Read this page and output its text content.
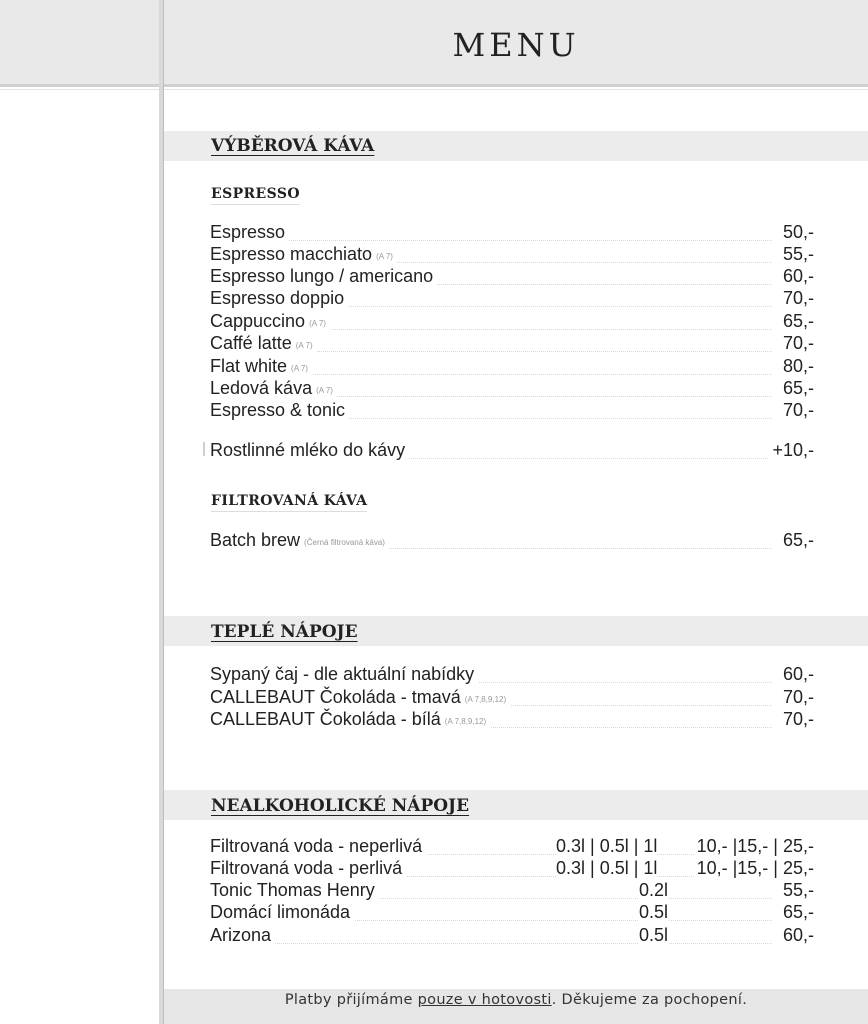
MENU
VÝBĚROVÁ KÁVA
ESPRESSO
Espresso	50,-
Espresso macchiato (A 7)	55,-
Espresso lungo / americano	60,-
Espresso doppio	70,-
Cappuccino (A 7)	65,-
Caffé latte (A 7)	70,-
Flat white (A 7)	80,-
Ledová káva (A 7)	65,-
Espresso & tonic	70,-
Rostlinné mléko do kávy	+10,-
FILTROVANÁ KÁVA
Batch brew (Černá filtrovaná káva)	65,-
TEPLÉ NÁPOJE
Sypaný čaj - dle aktuální nabídky	60,-
CALLEBAUT Čokoláda - tmavá (A 7,8,9,12)	70,-
CALLEBAUT Čokoláda - bílá (A 7,8,9,12)	70,-
NEALKOHOLICKÉ NÁPOJE
Filtrovaná voda - neperlivá	0.3l | 0.5l | 1l 10,- |15,- | 25,-
Filtrovaná voda - perlivá	0.3l | 0.5l | 1l 10,- |15,- | 25,-
Tonic Thomas Henry	0.2l	55,-
Domácí limonáda	0.5l	65,-
Arizona	0.5l	60,-
Platby přijímáme pouze v hotovosti. Děkujeme za pochopení.
